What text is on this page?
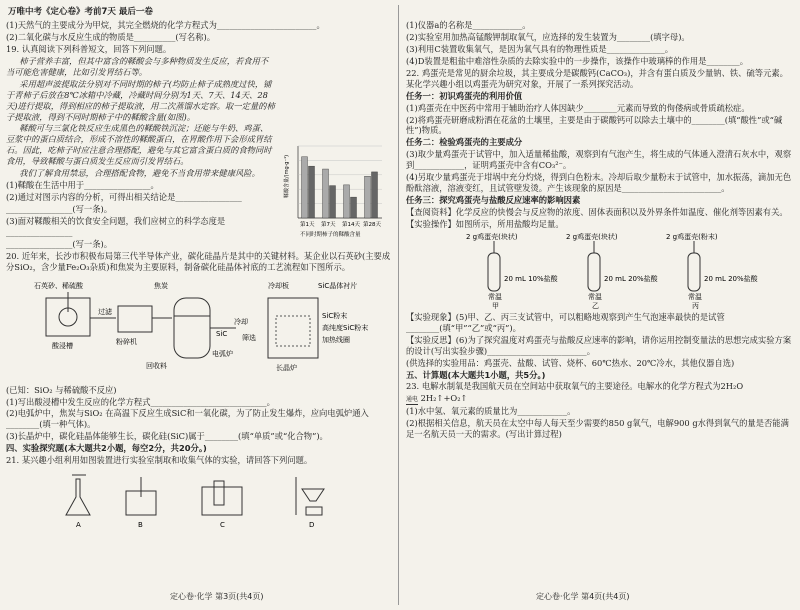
万唯中考《定心卷》考前7天 最后一卷

(1)天然气的主要成分为甲烷，其完全燃烧的化学方程式为________________________。

(2)二氧化碳与水反应生成的物质是__________(写名称)。

19. 认真阅读下列科普短文，回答下列问题。

柿子营养丰富，但其中富含的鞣酸会与多种物质发生反应，若食用不当可能危害健康，比如引发胃结石等。

采用超声波提取法分别对不同时期的柿子(均防止柿子成熟度过快，铺于青柿子后放在8℃冰箱中冷藏，冷藏时间分别为1天、7天、14天、28天)进行提取，得到相应的柿子提取液，用二次蒸馏水定容。取一定量的柿子提取液，得到不同时期柿子中的鞣酸含量(如图)。

鞣酸可与三氯化铁反应生成黑色的鞣酸铁沉淀；还能与牛奶、鸡蛋、豆浆中的蛋白质结合，形成不溶性的鞣酸蛋白，在胃酸作用下会形成胃结石。因此，吃柿子时应注意合理搭配，避免与其它富含蛋白质的食物同时食用，导致鞣酸与蛋白质发生反应而引发胃结石。

我们了解食用禁忌，合理搭配食物，避免不当食用带来健康风险。

(1)鞣酸在生活中用于________________。

(2)通过对图示内容的分析，可得出相关结论是________________

________________(写一条)。

(3)面对鞣酸相关的饮食安全问题，我们应树立的科学态度是________________

________________(写一条)。

20. 近年来，长沙市积极布局第三代半导体产业，碳化硅晶片是其中的关键材料。某企业以石英砂(主要成分SiO₂，含少量Fe₂O₃杂质)和焦炭为主要原料，制备碳化硅晶体衬底的工艺流程如下图所示。

石英砂、稀硫酸	焦炭	冷却板	SiC晶体衬片
酸浸槽
过滤
粉碎机
电弧炉
回收料
SiC
冷却
筛选
SiC粉末
高纯度SiC粉末
加热线圈
长晶炉

(已知：SiO₂ 与稀硫酸不反应)

(1)写出酸浸槽中发生反应的化学方程式____________________________。

(2)电弧炉中，焦炭与SiO₂ 在高温下反应生成SiC和一氧化碳，为了防止发生爆炸，应向电弧炉通入________(填一种气体)。

(3)长晶炉中，碳化硅晶体能够生长，碳化硅(SiC)属于________(填“单质”或“化合物”)。

四、实验探究题(本大题共2小题，每空2分，共20分。)

21. 某兴趣小组利用如图装置进行实验室制取和收集气体的实验，请回答下列问题。

A	B	C	D
鞣酸含量/(mg·g⁻¹)
第1天 第7天 第14天 第28天
不同时期柿子的鞣酸含量

(1)仪器a的名称是____________。

(2)实验室用加热高锰酸钾制取氧气，应选择的发生装置为________(填字母)。

(3)利用C装置收集氧气，是因为氧气具有的物理性质是______________。

(4)D装置是粗盐中难溶性杂质的去除实验中的一步操作，该操作中玻璃棒的作用是________。

22. 鸡蛋壳是常见的厨余垃圾，其主要成分是碳酸钙(CaCO₃)，并含有蛋白质及少量钠、铁、硫等元素。某化学兴趣小组以鸡蛋壳为研究对象，开展了一系列探究活动。

任务一：初识鸡蛋壳的利用价值

(1)鸡蛋壳在中医药中常用于辅助治疗人体因缺少________元素而导致的佝偻病或骨质疏松症。

(2)将鸡蛋壳研磨成粉洒在花盆的土壤里，主要是由于碳酸钙可以除去土壤中的________(填“酸性”或“碱性”)物质。

任务二：检验鸡蛋壳的主要成分

(3)取少量鸡蛋壳于试管中，加入适量稀盐酸，观察到有气泡产生，将生成的气体通入澄清石灰水中，观察到____________，证明鸡蛋壳中含有CO₃²⁻。

(4)另取少量鸡蛋壳于坩埚中充分灼烧，得到白色粉末。冷却后取少量粉末于试管中，加水振荡，滴加无色酚酞溶液，溶液变红，且试管壁发烫。产生该现象的原因是________________________。

任务三：探究鸡蛋壳与盐酸反应速率的影响因素

【查阅资料】化学反应的快慢会与反应物的浓度、固体表面积以及外界条件如温度、催化剂等因素有关。

【实验操作】如图所示，所用盐酸均足量。

2 g鸡蛋壳(块状)
20 mL 10%盐酸
常温
甲
2 g鸡蛋壳(块状)
20 mL 20%盐酸
常温
乙
2 g鸡蛋壳(粉末)
20 mL 20%盐酸
常温
丙

【实验现象】(5)甲、乙、丙三支试管中，可以粗略地观察到产生气泡速率最快的是试管________(填“甲”“乙”或“丙”)。

【实验反思】(6)为了探究温度对鸡蛋壳与盐酸反应速率的影响，请你运用控制变量法的思想完成实验方案的设计(写出实验步骤)________________________。

(供选择的实验用品：鸡蛋壳、盐酸、试管、烧杯、60℃热水、20℃冷水，其他仪器自选)

五、计算题(本大题共1小题，共5分。)

23. 电解水制氧是我国航天员在空间站中获取氧气的主要途径。电解水的化学方程式为2H₂O

通电 2H₂↑+O₂↑

(1)水中氢、氧元素的质量比为____________。

(2)根据相关信息，航天员在太空中每人每天至少需要约850 g氧气，电解900 g水得到氧气的量是否能满足一名航天员一天的需求。(写出计算过程)

定心卷·化学 第3页(共4页)	定心卷·化学 第4页(共4页)
